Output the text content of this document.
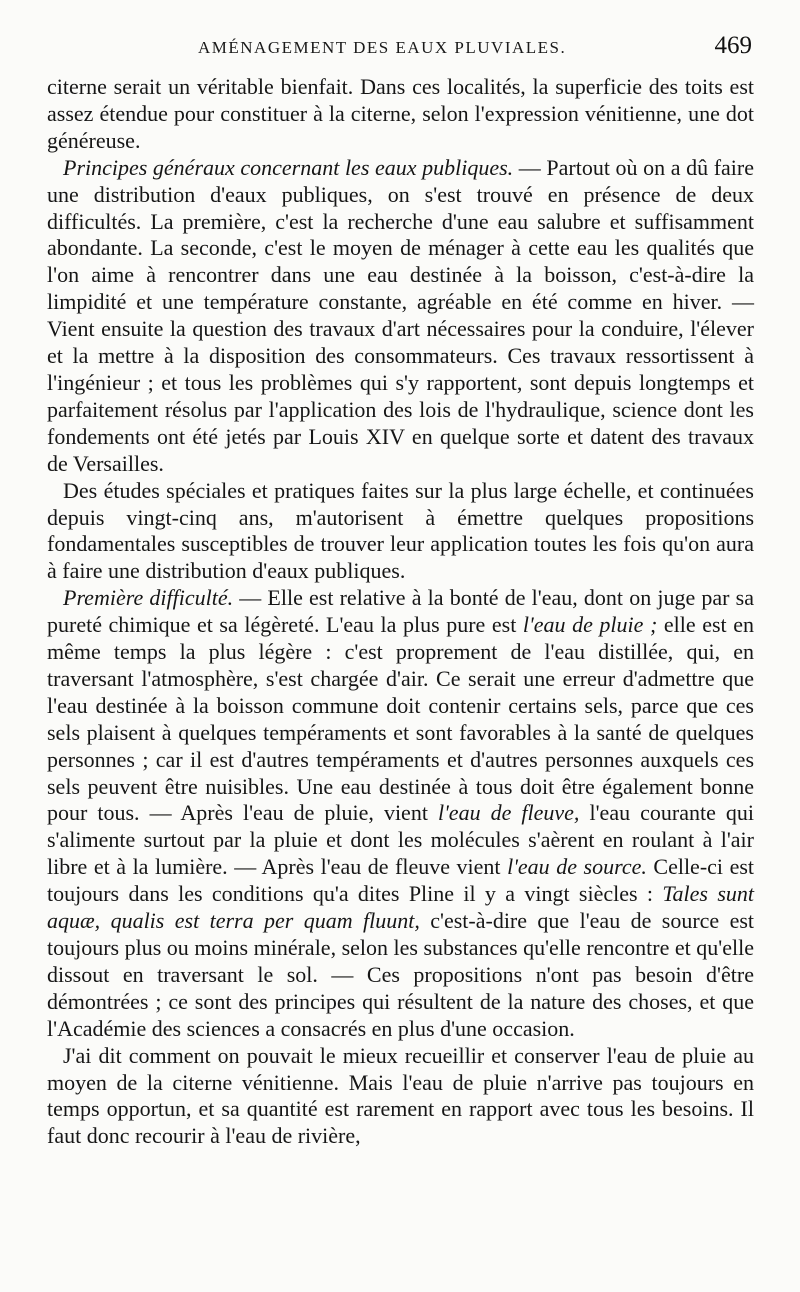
AMÉNAGEMENT DES EAUX PLUVIALES.	469

citerne serait un véritable bienfait. Dans ces localités, la superficie des toits est assez étendue pour constituer à la citerne, selon l'expression vénitienne, une dot généreuse.

Principes généraux concernant les eaux publiques. — Partout où on a dû faire une distribution d'eaux publiques, on s'est trouvé en présence de deux difficultés. La première, c'est la recherche d'une eau salubre et suffisamment abondante. La seconde, c'est le moyen de ménager à cette eau les qualités que l'on aime à rencontrer dans une eau destinée à la boisson, c'est-à-dire la limpidité et une température constante, agréable en été comme en hiver. — Vient ensuite la question des travaux d'art nécessaires pour la conduire, l'élever et la mettre à la disposition des consommateurs. Ces travaux ressortissent à l'ingénieur ; et tous les problèmes qui s'y rapportent, sont depuis longtemps et parfaitement résolus par l'application des lois de l'hydraulique, science dont les fondements ont été jetés par Louis XIV en quelque sorte et datent des travaux de Versailles.

Des études spéciales et pratiques faites sur la plus large échelle, et continuées depuis vingt-cinq ans, m'autorisent à émettre quelques propositions fondamentales susceptibles de trouver leur application toutes les fois qu'on aura à faire une distribution d'eaux publiques.

Première difficulté. — Elle est relative à la bonté de l'eau, dont on juge par sa pureté chimique et sa légèreté. L'eau la plus pure est l'eau de pluie ; elle est en même temps la plus légère : c'est proprement de l'eau distillée, qui, en traversant l'atmosphère, s'est chargée d'air. Ce serait une erreur d'admettre que l'eau destinée à la boisson commune doit contenir certains sels, parce que ces sels plaisent à quelques tempéraments et sont favorables à la santé de quelques personnes ; car il est d'autres tempéraments et d'autres personnes auxquels ces sels peuvent être nuisibles. Une eau destinée à tous doit être également bonne pour tous. — Après l'eau de pluie, vient l'eau de fleuve, l'eau courante qui s'alimente surtout par la pluie et dont les molécules s'aèrent en roulant à l'air libre et à la lumière. — Après l'eau de fleuve vient l'eau de source. Celle-ci est toujours dans les conditions qu'a dites Pline il y a vingt siècles : Tales sunt aquæ, qualis est terra per quam fluunt, c'est-à-dire que l'eau de source est toujours plus ou moins minérale, selon les substances qu'elle rencontre et qu'elle dissout en traversant le sol. — Ces propositions n'ont pas besoin d'être démontrées ; ce sont des principes qui résultent de la nature des choses, et que l'Académie des sciences a consacrés en plus d'une occasion.

J'ai dit comment on pouvait le mieux recueillir et conserver l'eau de pluie au moyen de la citerne vénitienne. Mais l'eau de pluie n'arrive pas toujours en temps opportun, et sa quantité est rarement en rapport avec tous les besoins. Il faut donc recourir à l'eau de rivière,
